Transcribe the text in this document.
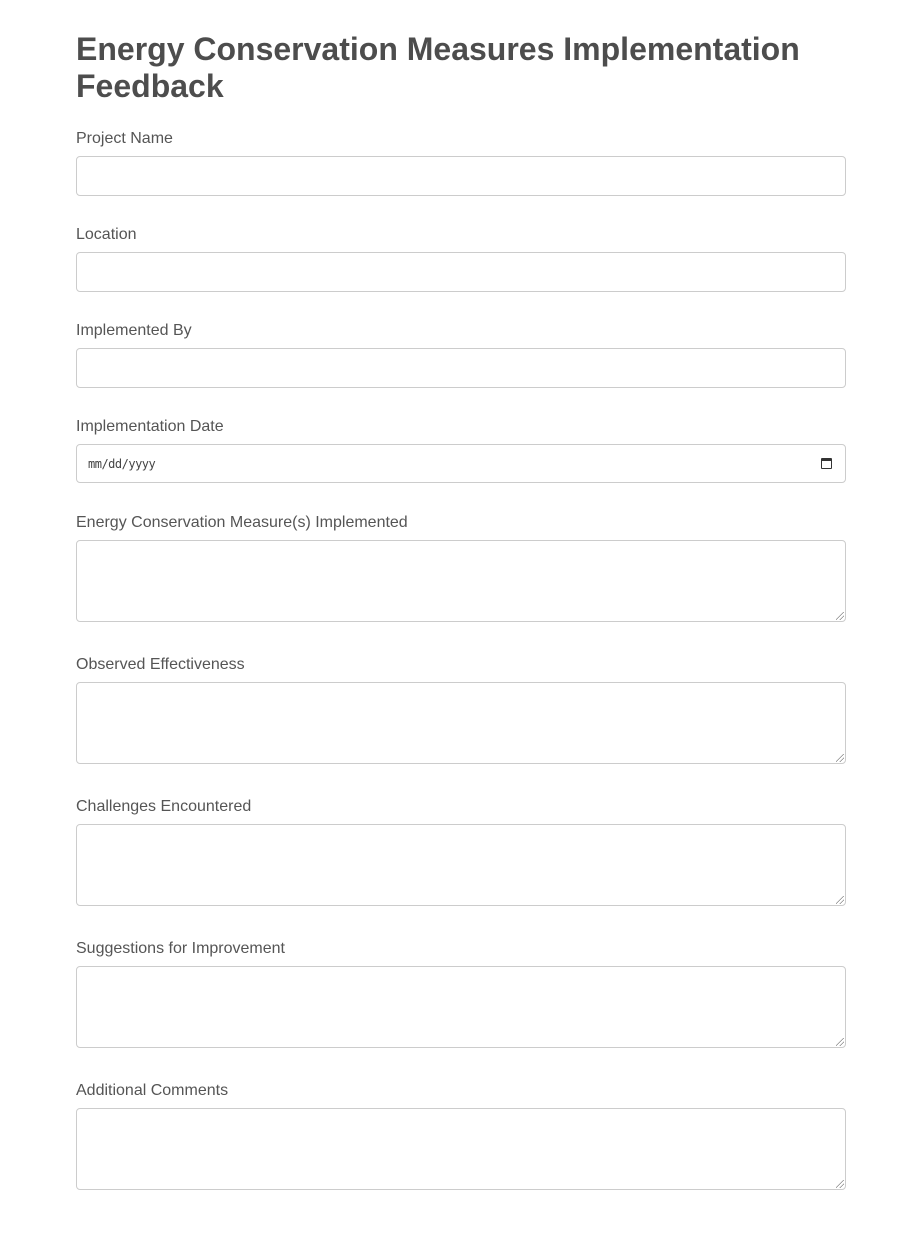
Energy Conservation Measures Implementation Feedback
Project Name
Location
Implemented By
Implementation Date
mm/dd/yyyy
Energy Conservation Measure(s) Implemented
Observed Effectiveness
Challenges Encountered
Suggestions for Improvement
Additional Comments
